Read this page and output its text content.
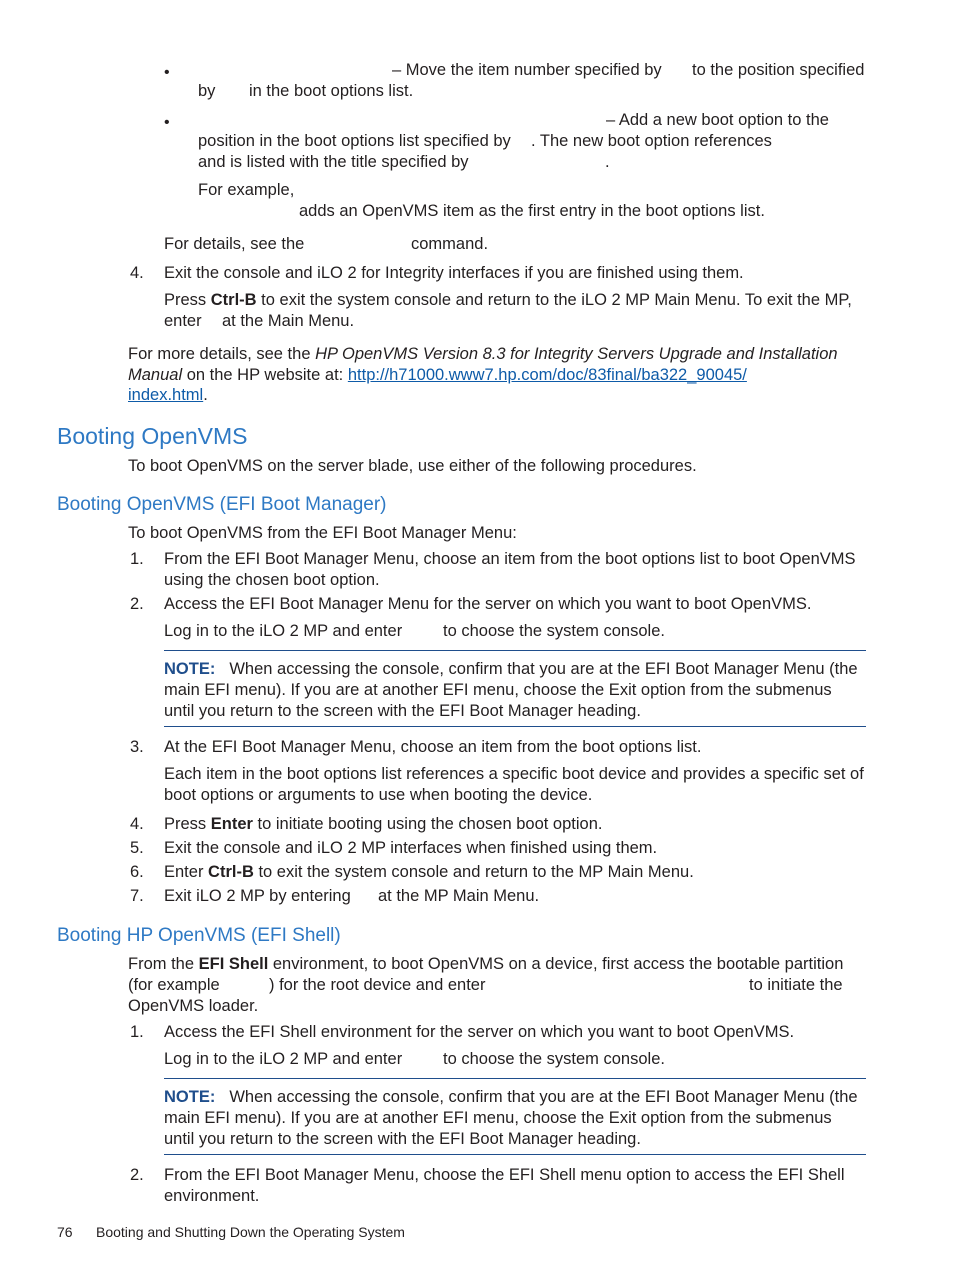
•	– Move the item number specified by to the position specified
by in the boot options list.
•	– Add a new boot option to the
position in the boot options list specified by . The new boot option references
and is listed with the title specified by	.
For example,
adds an OpenVMS item as the first entry in the boot options list.
For details, see the	command.
4. Exit the console and iLO 2 for Integrity interfaces if you are finished using them.
Press Ctrl-B to exit the system console and return to the iLO 2 MP Main Menu. To exit the MP,
enter at the Main Menu.
For more details, see the HP OpenVMS Version 8.3 for Integrity Servers Upgrade and Installation
Manual on the HP website at: http://h71000.www7.hp.com/doc/83final/ba322_90045/
index.html.
Booting OpenVMS
To boot OpenVMS on the server blade, use either of the following procedures.
Booting OpenVMS (EFI Boot Manager)
To boot OpenVMS from the EFI Boot Manager Menu:
1. From the EFI Boot Manager Menu, choose an item from the boot options list to boot OpenVMS
using the chosen boot option.
2. Access the EFI Boot Manager Menu for the server on which you want to boot OpenVMS.
Log in to the iLO 2 MP and enter to choose the system console.
NOTE: When accessing the console, confirm that you are at the EFI Boot Manager Menu (the main EFI menu). If you are at another EFI menu, choose the Exit option from the submenus until you return to the screen with the EFI Boot Manager heading.
3. At the EFI Boot Manager Menu, choose an item from the boot options list.
Each item in the boot options list references a specific boot device and provides a specific set of boot options or arguments to use when booting the device.
4. Press Enter to initiate booting using the chosen boot option.
5. Exit the console and iLO 2 MP interfaces when finished using them.
6. Enter Ctrl-B to exit the system console and return to the MP Main Menu.
7. Exit iLO 2 MP by entering at the MP Main Menu.
Booting HP OpenVMS (EFI Shell)
From the EFI Shell environment, to boot OpenVMS on a device, first access the bootable partition
(for example	) for the root device and enter	to initiate the
OpenVMS loader.
1. Access the EFI Shell environment for the server on which you want to boot OpenVMS.
Log in to the iLO 2 MP and enter to choose the system console.
NOTE: When accessing the console, confirm that you are at the EFI Boot Manager Menu (the main EFI menu). If you are at another EFI menu, choose the Exit option from the submenus until you return to the screen with the EFI Boot Manager heading.
2. From the EFI Boot Manager Menu, choose the EFI Shell menu option to access the EFI Shell
environment.
76 Booting and Shutting Down the Operating System
